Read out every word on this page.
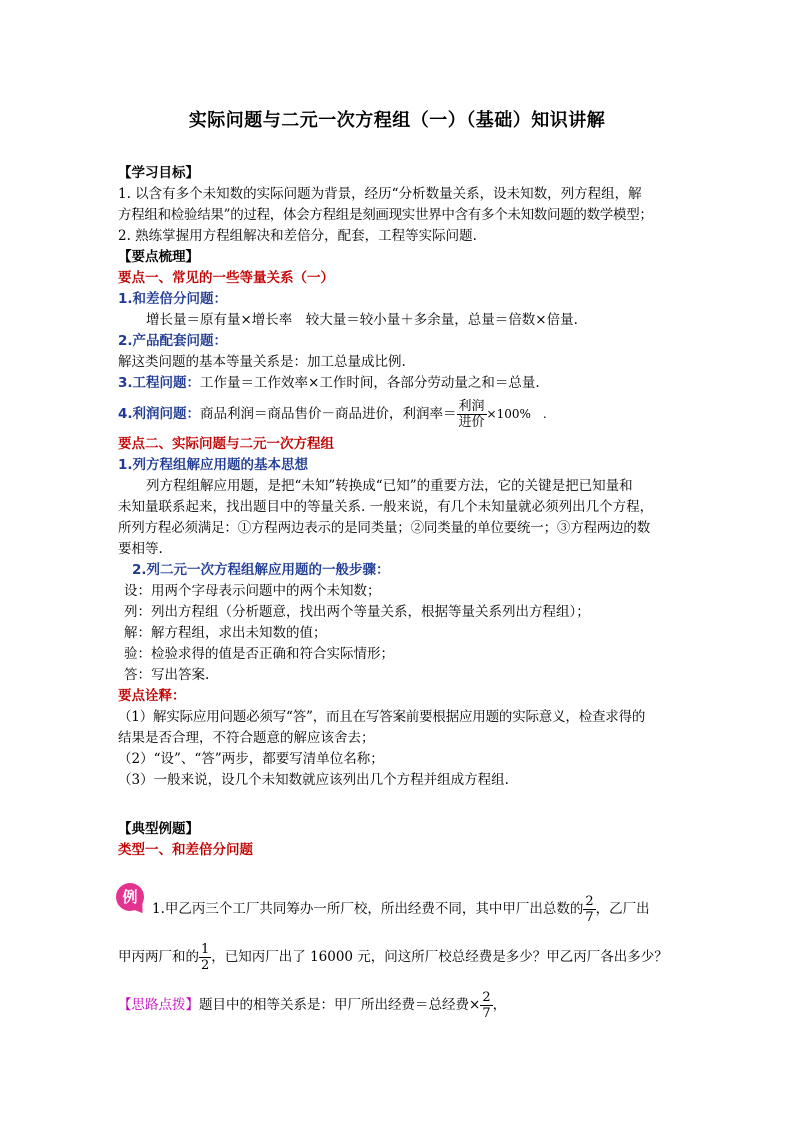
实际问题与二元一次方程组（一）（基础）知识讲解
【学习目标】
1. 以含有多个未知数的实际问题为背景，经历“分析数量关系，设未知数，列方程组，解
方程组和检验结果”的过程，体会方程组是刻画现实世界中含有多个未知数问题的数学模型；
2. 熟练掌握用方程组解决和差倍分，配套，工程等实际问题.
【要点梳理】
要点一、常见的一些等量关系（一）
1.和差倍分问题：
增长量＝原有量×增长率　较大量＝较小量＋多余量，总量＝倍数×倍量.
2.产品配套问题：
解这类问题的基本等量关系是：加工总量成比例.
3.工程问题：工作量＝工作效率×工作时间，各部分劳动量之和＝总量.
4.利润问题：商品利润＝商品售价－商品进价，利润率＝ $\frac{\text{利润}}{\text{进价}} \times 100\%$　.
要点二、实际问题与二元一次方程组
1.列方程组解应用题的基本思想
列方程组解应用题，是把“未知”转换成“已知”的重要方法，它的关键是把已知量和
未知量联系起来，找出题目中的等量关系. 一般来说，有几个未知量就必须列出几个方程，
所列方程必须满足：①方程两边表示的是同类量；②同类量的单位要统一；③方程两边的数
要相等.
2.列二元一次方程组解应用题的一般步骤：
设：用两个字母表示问题中的两个未知数；
列：列出方程组（分析题意，找出两个等量关系，根据等量关系列出方程组）；
解：解方程组，求出未知数的值；
验：检验求得的值是否正确和符合实际情形；
答：写出答案.
要点诠释：
（1）解实际应用问题必须写“答”，而且在写答案前要根据应用题的实际意义，检查求得的
结果是否合理，不符合题意的解应该舍去；
（2）“设”、“答”两步，都要写清单位名称；
（3）一般来说，设几个未知数就应该列出几个方程并组成方程组.
【典型例题】
类型一、和差倍分问题
例
1.甲乙丙三个工厂共同筹办一所厂校，所出经费不同，其中甲厂出总数的 $\frac{2}{7}$ ，乙厂出
甲丙两厂和的 $\frac{1}{2}$ ，已知丙厂出了 16000 元，问这所厂校总经费是多少？甲乙丙厂各出多少？
【思路点拨】题目中的相等关系是：甲厂所出经费＝总经费× $\frac{2}{7}$ ，
